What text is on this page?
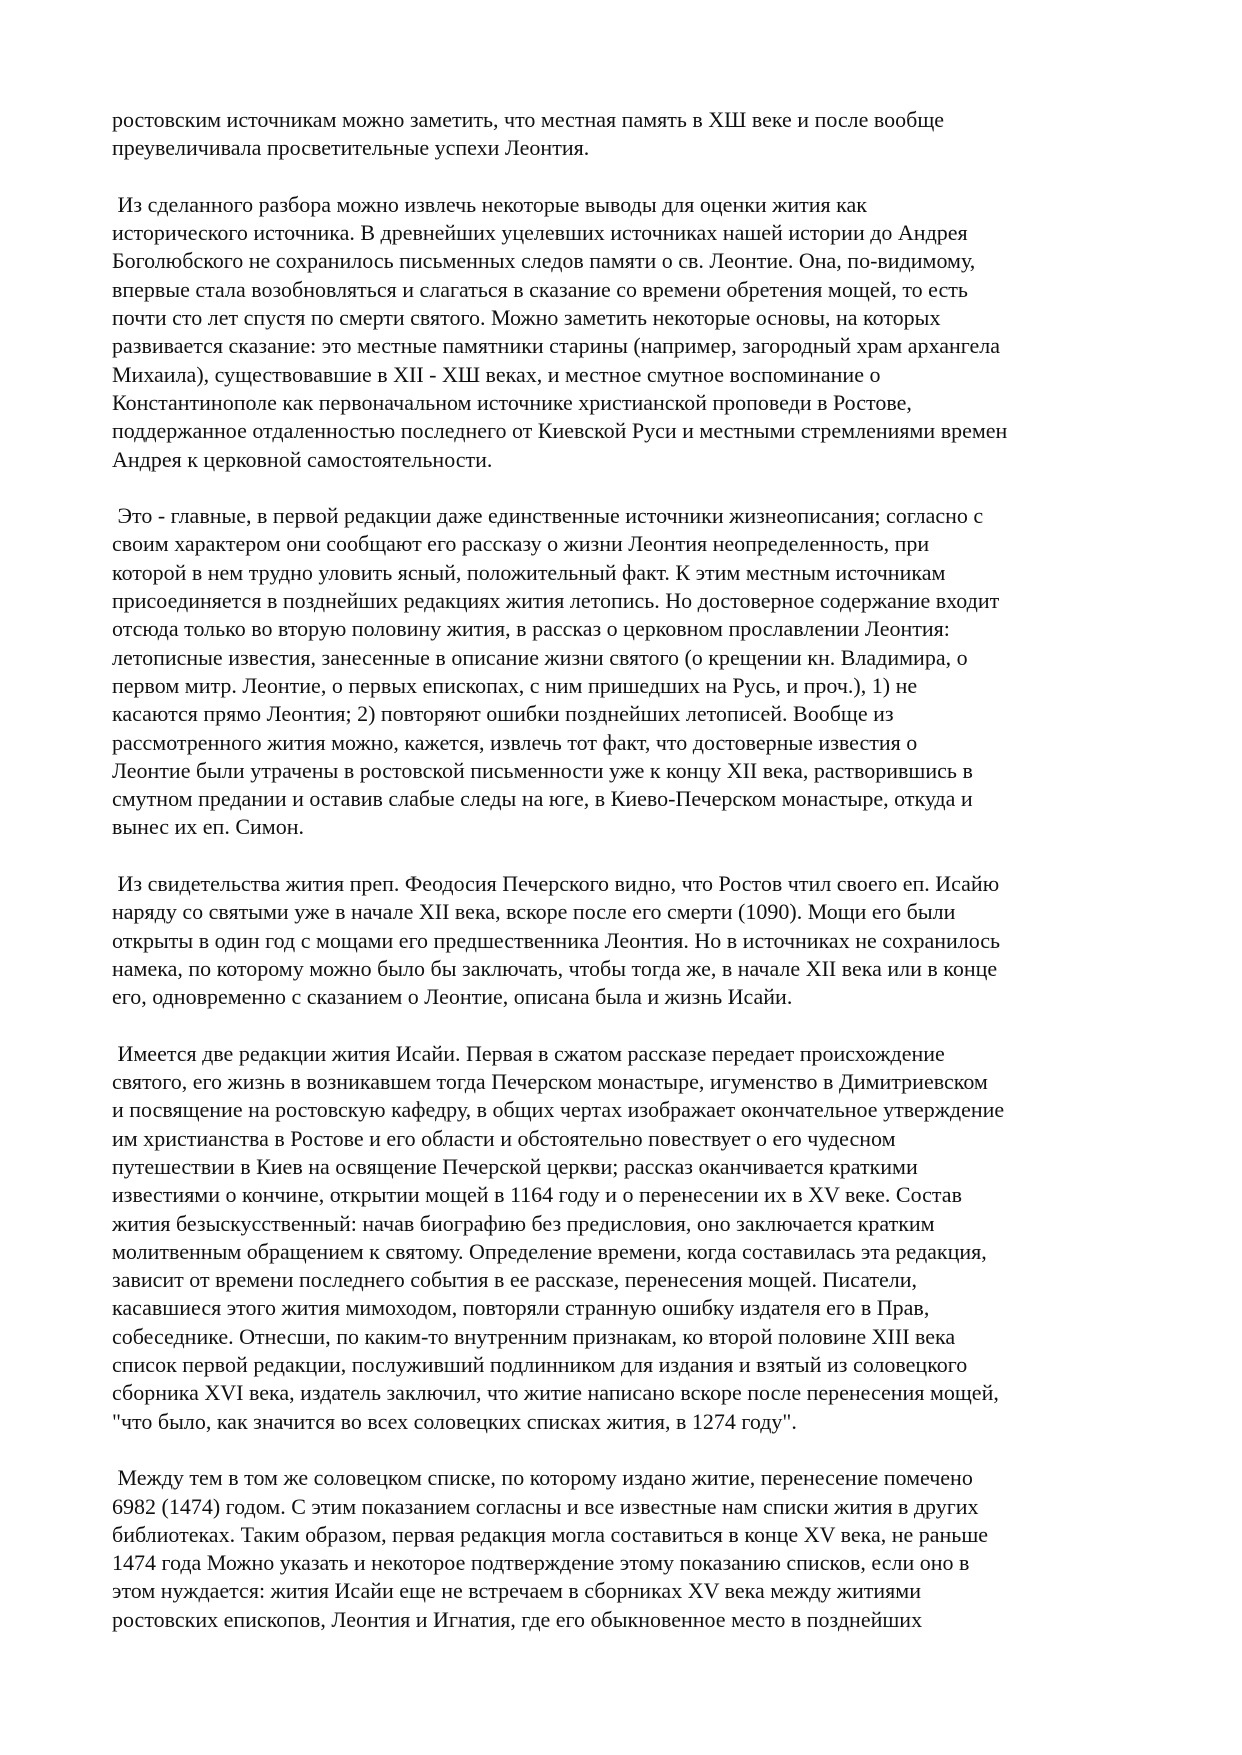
ростовским источникам можно заметить, что местная память в ХШ веке и после вообще
преувеличивала просветительные успехи Леонтия.
Из сделанного разбора можно извлечь некоторые выводы для оценки жития как
исторического источника. В древнейших уцелевших источниках нашей истории до Андрея
Боголюбского не сохранилось письменных следов памяти о св. Леонтие. Она, по-видимому,
впервые стала возобновляться и слагаться в сказание со времени обретения мощей, то есть
почти сто лет спустя по смерти святого. Можно заметить некоторые основы, на которых
развивается сказание: это местные памятники старины (например, загородный храм архангела
Михаила), существовавшие в XII - ХШ веках, и местное смутное воспоминание о
Константинополе как первоначальном источнике христианской проповеди в Ростове,
поддержанное отдаленностью последнего от Киевской Руси и местными стремлениями времен
Андрея к церковной самостоятельности.
Это - главные, в первой редакции даже единственные источники жизнеописания; согласно с
своим характером они сообщают его рассказу о жизни Леонтия неопределенность, при
которой в нем трудно уловить ясный, положительный факт. К этим местным источникам
присоединяется в позднейших редакциях жития летопись. Но достоверное содержание входит
отсюда только во вторую половину жития, в рассказ о церковном прославлении Леонтия:
летописные известия, занесенные в описание жизни святого (о крещении кн. Владимира, о
первом митр. Леонтие, о первых епископах, с ним пришедших на Русь, и проч.), 1) не
касаются прямо Леонтия; 2) повторяют ошибки позднейших летописей. Вообще из
рассмотренного жития можно, кажется, извлечь тот факт, что достоверные известия о
Леонтие были утрачены в ростовской письменности уже к концу XII века, растворившись в
смутном предании и оставив слабые следы на юге, в Киево-Печерском монастыре, откуда и
вынес их еп. Симон.
Из свидетельства жития преп. Феодосия Печерского видно, что Ростов чтил своего еп. Исайю
наряду со святыми уже в начале XII века, вскоре после его смерти (1090). Мощи его были
открыты в один год с мощами его предшественника Леонтия. Но в источниках не сохранилось
намека, по которому можно было бы заключать, чтобы тогда же, в начале XII века или в конце
его, одновременно с сказанием о Леонтие, описана была и жизнь Исайи.
Имеется две редакции жития Исайи. Первая в сжатом рассказе передает происхождение
святого, его жизнь в возникавшем тогда Печерском монастыре, игуменство в Димитриевском
и посвящение на ростовскую кафедру, в общих чертах изображает окончательное утверждение
им христианства в Ростове и его области и обстоятельно повествует о его чудесном
путешествии в Киев на освящение Печерской церкви; рассказ оканчивается краткими
известиями о кончине, открытии мощей в 1164 году и о перенесении их в XV веке. Состав
жития безыскусственный: начав биографию без предисловия, оно заключается кратким
молитвенным обращением к святому. Определение времени, когда составилась эта редакция,
зависит от времени последнего события в ее рассказе, перенесения мощей. Писатели,
касавшиеся этого жития мимоходом, повторяли странную ошибку издателя его в Прав,
собеседнике. Отнесши, по каким-то внутренним признакам, ко второй половине XIII века
список первой редакции, послуживший подлинником для издания и взятый из соловецкого
сборника XVI века, издатель заключил, что житие написано вскоре после перенесения мощей,
"что было, как значится во всех соловецких списках жития, в 1274 году".
Между тем в том же соловецком списке, по которому издано житие, перенесение помечено
6982 (1474) годом. С этим показанием согласны и все известные нам списки жития в других
библиотеках. Таким образом, первая редакция могла составиться в конце XV века, не раньше
1474 года Можно указать и некоторое подтверждение этому показанию списков, если оно в
этом нуждается: жития Исайи еще не встречаем в сборниках XV века между житиями
ростовских епископов, Леонтия и Игнатия, где его обыкновенное место в позднейших
